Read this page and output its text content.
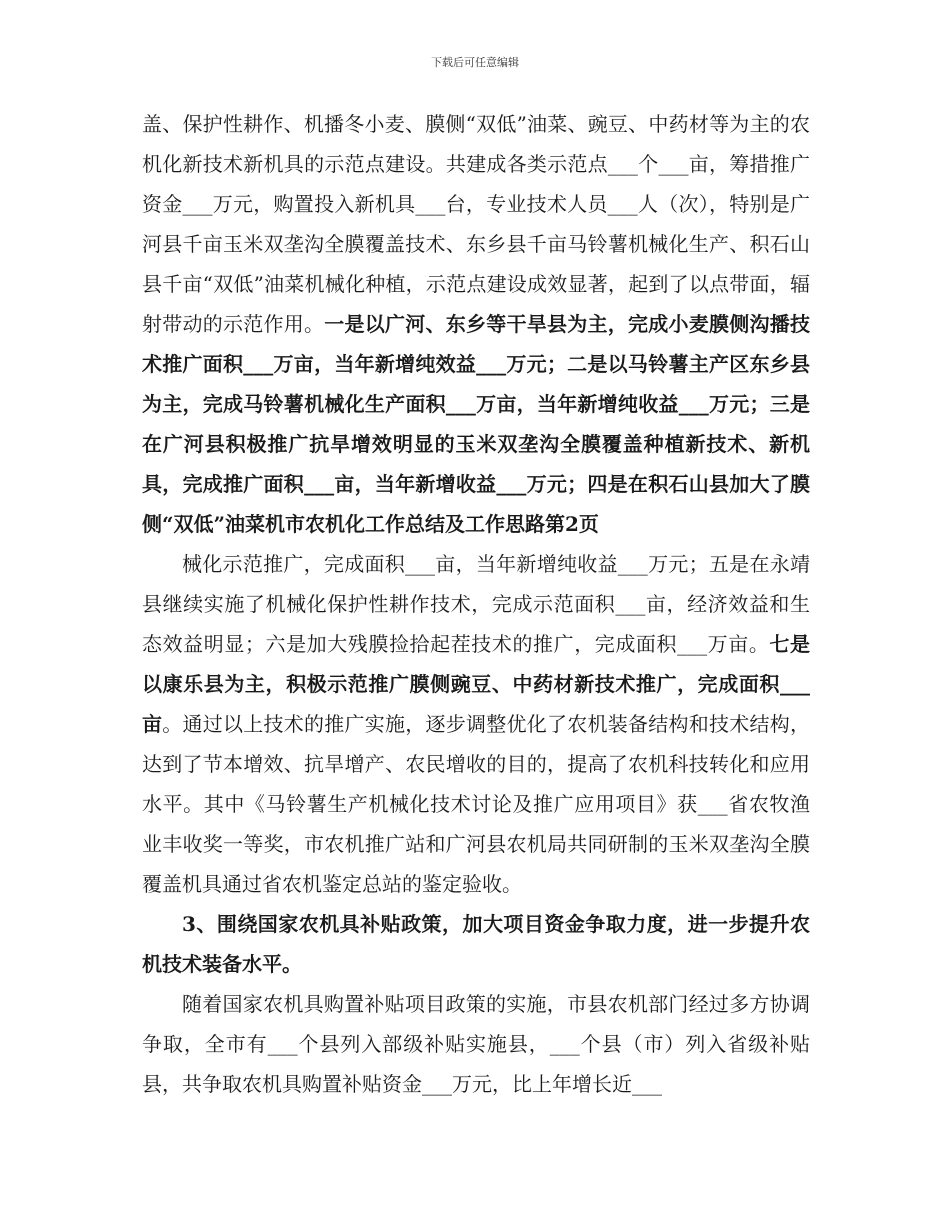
下载后可任意编辑

盖、保护性耕作、机播冬小麦、膜侧“双低”油菜、豌豆、中药材等为主的农机化新技术新机具的示范点建设。共建成各类示范点___个___亩，筹措推广资金___万元，购置投入新机具___台，专业技术人员___人（次），特别是广河县千亩玉米双垄沟全膜覆盖技术、东乡县千亩马铃薯机械化生产、积石山县千亩“双低”油菜机械化种植，示范点建设成效显著，起到了以点带面，辐射带动的示范作用。一是以广河、东乡等干旱县为主，完成小麦膜侧沟播技术推广面积___万亩，当年新增纯效益___万元；二是以马铃薯主产区东乡县为主，完成马铃薯机械化生产面积___万亩，当年新增纯收益___万元；三是在广河县积极推广抗旱增效明显的玉米双垄沟全膜覆盖种植新技术、新机具，完成推广面积___亩，当年新增收益___万元；四是在积石山县加大了膜侧“双低”油菜机市农机化工作总结及工作思路第2页

械化示范推广，完成面积___亩，当年新增纯收益___万元；五是在永靖县继续实施了机械化保护性耕作技术，完成示范面积___亩，经济效益和生态效益明显；六是加大残膜捡拾起茬技术的推广，完成面积___万亩。七是以康乐县为主，积极示范推广膜侧豌豆、中药材新技术推广，完成面积___亩。通过以上技术的推广实施，逐步调整优化了农机装备结构和技术结构，达到了节本增效、抗旱增产、农民增收的目的，提高了农机科技转化和应用水平。其中《马铃薯生产机械化技术讨论及推广应用项目》获___省农牧渔业丰收奖一等奖，市农机推广站和广河县农机局共同研制的玉米双垄沟全膜覆盖机具通过省农机鉴定总站的鉴定验收。

3、围绕国家农机具补贴政策，加大项目资金争取力度，进一步提升农机技术装备水平。

随着国家农机具购置补贴项目政策的实施，市县农机部门经过多方协调争取，全市有___个县列入部级补贴实施县，___个县（市）列入省级补贴县，共争取农机具购置补贴资金___万元，比上年增长近___
